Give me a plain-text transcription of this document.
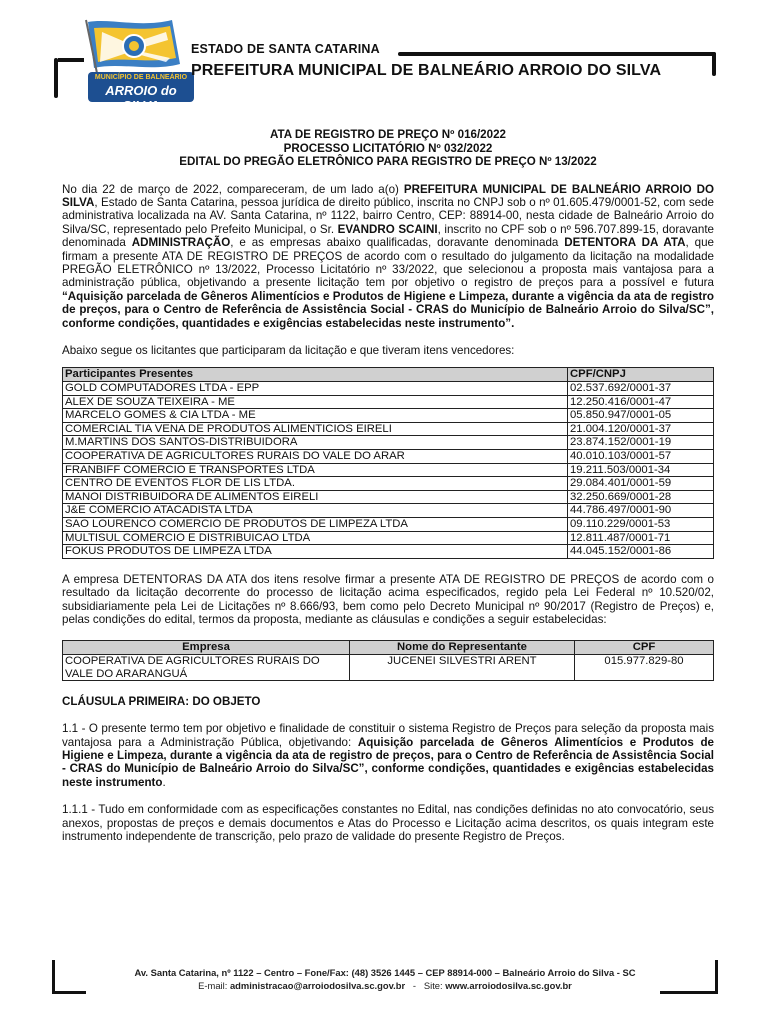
MUNICÍPIO DE BALNEÁRIO
ARROIO do SILVA
ESTADO DE SANTA CATARINA
PREFEITURA MUNICIPAL DE BALNEÁRIO ARROIO DO SILVA
ATA DE REGISTRO DE PREÇO Nº 016/2022
PROCESSO LICITATÓRIO Nº 032/2022
EDITAL DO PREGÃO ELETRÔNICO PARA REGISTRO DE PREÇO Nº 13/2022

No dia 22 de março de 2022, compareceram, de um lado a(o) PREFEITURA MUNICIPAL DE BALNEÁRIO ARROIO DO SILVA, Estado de Santa Catarina, pessoa jurídica de direito público, inscrita no CNPJ sob o nº 01.605.479/0001-52, com sede administrativa localizada na AV. Santa Catarina, nº 1122, bairro Centro, CEP: 88914-00, nesta cidade de Balneário Arroio do Silva/SC, representado pelo Prefeito Municipal, o Sr. EVANDRO SCAINI, inscrito no CPF sob o nº 596.707.899-15, doravante denominada ADMINISTRAÇÃO, e as empresas abaixo qualificadas, doravante denominada DETENTORA DA ATA, que firmam a presente ATA DE REGISTRO DE PREÇOS de acordo com o resultado do julgamento da licitação na modalidade PREGÃO ELETRÔNICO nº 13/2022, Processo Licitatório nº 33/2022, que selecionou a proposta mais vantajosa para a administração pública, objetivando a presente licitação tem por objetivo o registro de preços para a possível e futura “Aquisição parcelada de Gêneros Alimentícios e Produtos de Higiene e Limpeza, durante a vigência da ata de registro de preços, para o Centro de Referência de Assistência Social - CRAS do Município de Balneário Arroio do Silva/SC”, conforme condições, quantidades e exigências estabelecidas neste instrumento”.

Abaixo segue os licitantes que participaram da licitação e que tiveram itens vencedores:

Participantes Presentes	CPF/CNPJ
GOLD COMPUTADORES LTDA - EPP	02.537.692/0001-37
ALEX DE SOUZA TEIXEIRA - ME	12.250.416/0001-47
MARCELO GOMES & CIA LTDA - ME	05.850.947/0001-05
COMERCIAL TIA VENA DE PRODUTOS ALIMENTICIOS EIRELI	21.004.120/0001-37
M.MARTINS DOS SANTOS-DISTRIBUIDORA	23.874.152/0001-19
COOPERATIVA DE AGRICULTORES RURAIS DO VALE DO ARAR	40.010.103/0001-57
FRANBIFF COMERCIO E TRANSPORTES LTDA	19.211.503/0001-34
CENTRO DE EVENTOS FLOR DE LIS LTDA.	29.084.401/0001-59
MANOI DISTRIBUIDORA DE ALIMENTOS EIRELI	32.250.669/0001-28
J&E COMERCIO ATACADISTA LTDA	44.786.497/0001-90
SAO LOURENCO COMERCIO DE PRODUTOS DE LIMPEZA LTDA	09.110.229/0001-53
MULTISUL COMERCIO E DISTRIBUICAO LTDA	12.811.487/0001-71
FOKUS PRODUTOS DE LIMPEZA LTDA	44.045.152/0001-86

A empresa DETENTORAS DA ATA dos itens resolve firmar a presente ATA DE REGISTRO DE PREÇOS de acordo com o resultado da licitação decorrente do processo de licitação acima especificados, regido pela Lei Federal nº 10.520/02, subsidiariamente pela Lei de Licitações nº 8.666/93, bem como pelo Decreto Municipal nº 90/2017 (Registro de Preços) e, pelas condições do edital, termos da proposta, mediante as cláusulas e condições a seguir estabelecidas:

Empresa	Nome do Representante	CPF
COOPERATIVA DE AGRICULTORES RURAIS DO VALE DO ARARANGUÁ	JUCENEI SILVESTRI ARENT	015.977.829-80
CLÁUSULA PRIMEIRA: DO OBJETO

1.1 - O presente termo tem por objetivo e finalidade de constituir o sistema Registro de Preços para seleção da proposta mais vantajosa para a Administração Pública, objetivando: Aquisição parcelada de Gêneros Alimentícios e Produtos de Higiene e Limpeza, durante a vigência da ata de registro de preços, para o Centro de Referência de Assistência Social - CRAS do Município de Balneário Arroio do Silva/SC”, conforme condições, quantidades e exigências estabelecidas neste instrumento.

1.1.1 - Tudo em conformidade com as especificações constantes no Edital, nas condições definidas no ato convocatório, seus anexos, propostas de preços e demais documentos e Atas do Processo e Licitação acima descritos, os quais integram este instrumento independente de transcrição, pelo prazo de validade do presente Registro de Preços.

Av. Santa Catarina, nº 1122 – Centro – Fone/Fax: (48) 3526 1445 – CEP 88914-000 – Balneário Arroio do Silva - SC
E-mail: administracao@arroiodosilva.sc.gov.br   -   Site: www.arroiodosilva.sc.gov.br
